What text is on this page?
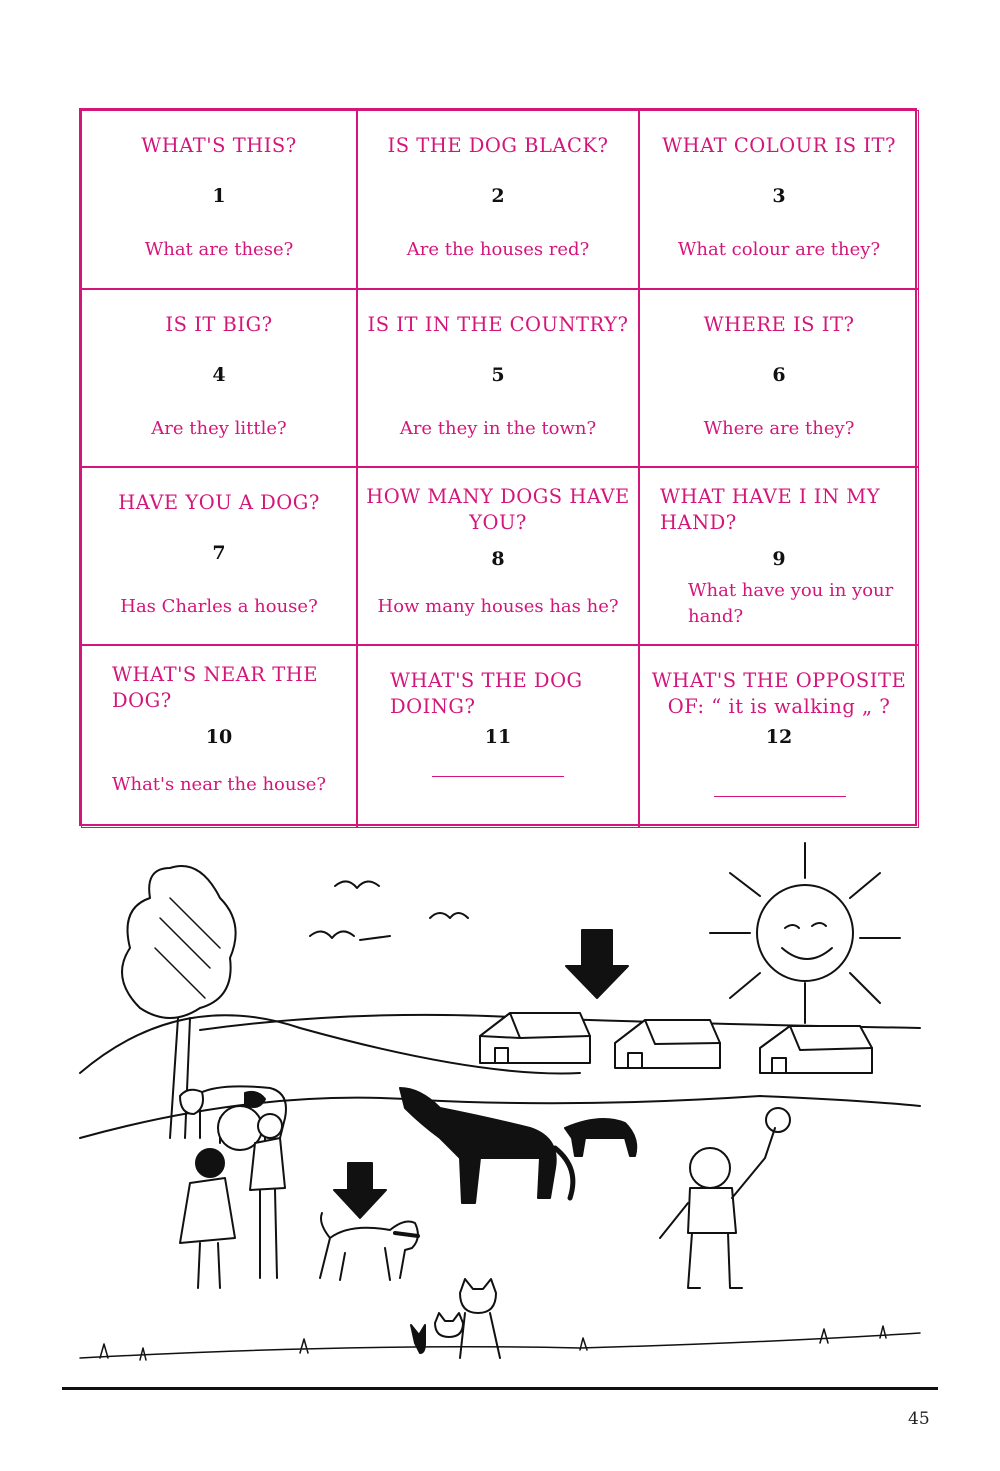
WHAT'S THIS?
1
What are these?
IS THE DOG BLACK?
2
Are the houses red?
WHAT COLOUR IS IT?
3
What colour are they?
IS IT BIG?
4
Are they little?
IS IT IN THE COUNTRY?
5
Are they in the town?
WHERE IS IT?
6
Where are they?
HAVE YOU A DOG?
7
Has Charles a house?
HOW MANY DOGS HAVE YOU?
8
How many houses has he?
WHAT HAVE I IN MY HAND?
9
What have you in your hand?
WHAT'S NEAR THE DOG?
10
What's near the house?
WHAT'S THE DOG DOING?
11
WHAT'S THE OPPOSITE OF: “ it is walking „ ?
12
45
